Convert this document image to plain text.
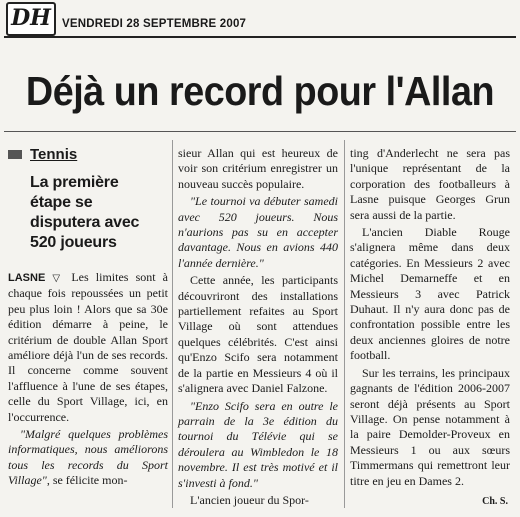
DH VENDREDI 28 SEPTEMBRE 2007
Déjà un record pour l'Allan
Tennis
La première étape se disputera avec 520 joueurs

LASNE ▽ Les limites sont à chaque fois repoussées un petit peu plus loin ! Alors que sa 30e édition démarre à peine, le critérium de double Allan Sport améliore déjà l'un de ses records. Il concerne comme souvent l'affluence à l'une de ses étapes, celle du Sport Village, ici, en l'occurrence.

"Malgré quelques problèmes informatiques, nous améliorons tous les records du Sport Village", se félicite mon-

sieur Allan qui est heureux de voir son critérium enregistrer un nouveau succès populaire.

"Le tournoi va débuter samedi avec 520 joueurs. Nous n'aurions pas su en accepter davantage. Nous en avions 440 l'année dernière."

Cette année, les participants découvriront des installations partiellement refaites au Sport Village où sont attendues quelques célébrités. C'est ainsi qu'Enzo Scifo sera notamment de la partie en Messieurs 4 où il s'alignera avec Daniel Falzone.

"Enzo Scifo sera en outre le parrain de la 3e édition du tournoi du Télévie qui se déroulera au Wimbledon le 18 novembre. Il est très motivé et il s'investi à fond."

L'ancien joueur du Spor-

ting d'Anderlecht ne sera pas l'unique représentant de la corporation des footballeurs à Lasne puisque Georges Grun sera aussi de la partie.

L'ancien Diable Rouge s'alignera même dans deux catégories. En Messieurs 2 avec Michel Demarneffe et en Messieurs 3 avec Patrick Duhaut. Il n'y aura donc pas de confrontation possible entre les deux anciennes gloires de notre football.

Sur les terrains, les principaux gagnants de l'édition 2006-2007 seront déjà présents au Sport Village. On pense notamment à la paire Demolder-Proveux en Messieurs 1 ou aux sœurs Timmermans qui remettront leur titre en jeu en Dames 2.

Ch. S.
